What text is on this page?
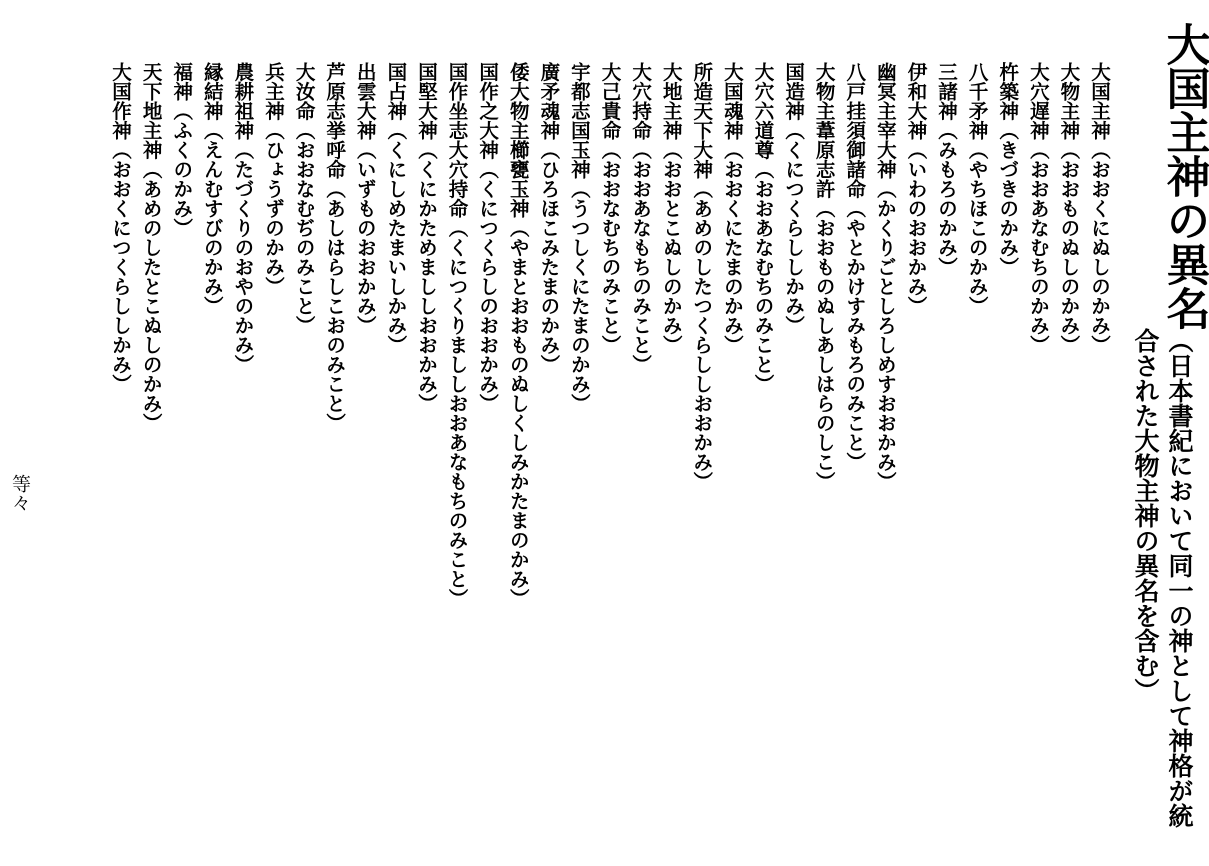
大国主神の異名
（日本書紀において同一の神として神格が統合された大物主神の異名を含む）
大国主神（おおくにぬしのかみ）
大物主神（おおものぬしのかみ）
大穴遅神（おおあなむちのかみ）
杵築神（きづきのかみ）
八千矛神（やちほこのかみ）
三諸神（みもろのかみ）
伊和大神（いわのおおかみ）
幽冥主宰大神（かくりごとしろしめすおおかみ）
八戸挂須御諸命（やとかけすみもろのみこと）
大物主葦原志許（おおものぬしあしはらのしこ）
国造神（くにつくらししかみ）
大穴六道尊（おおあなむちのみこと）
大国魂神（おおくにたまのかみ）
所造天下大神（あめのしたつくらししおおかみ）
大地主神（おおとこぬしのかみ）
大穴持命（おおあなもちのみこと）
大己貴命（おおなむちのみこと）
宇都志国玉神（うつしくにたまのかみ）
廣矛魂神（ひろほこみたまのかみ）
倭大物主櫛甕玉神（やまとおおものぬしくしみかたまのかみ）
国作之大神（くにつくらしのおおかみ）
国作坐志大穴持命（くにつくりまししおおあなもちのみこと）
国堅大神（くにかためまししおおかみ）
国占神（くにしめたまいしかみ）
出雲大神（いずものおおかみ）
芦原志挙呼命（あしはらしこおのみこと）
大汝命（おおなむぢのみこと）
兵主神（ひょうずのかみ）
農耕祖神（たづくりのおやのかみ）
縁結神（えんむすびのかみ）
福神（ふくのかみ）
天下地主神（あめのしたとこぬしのかみ）
大国作神（おおくにつくらししかみ）
等々
